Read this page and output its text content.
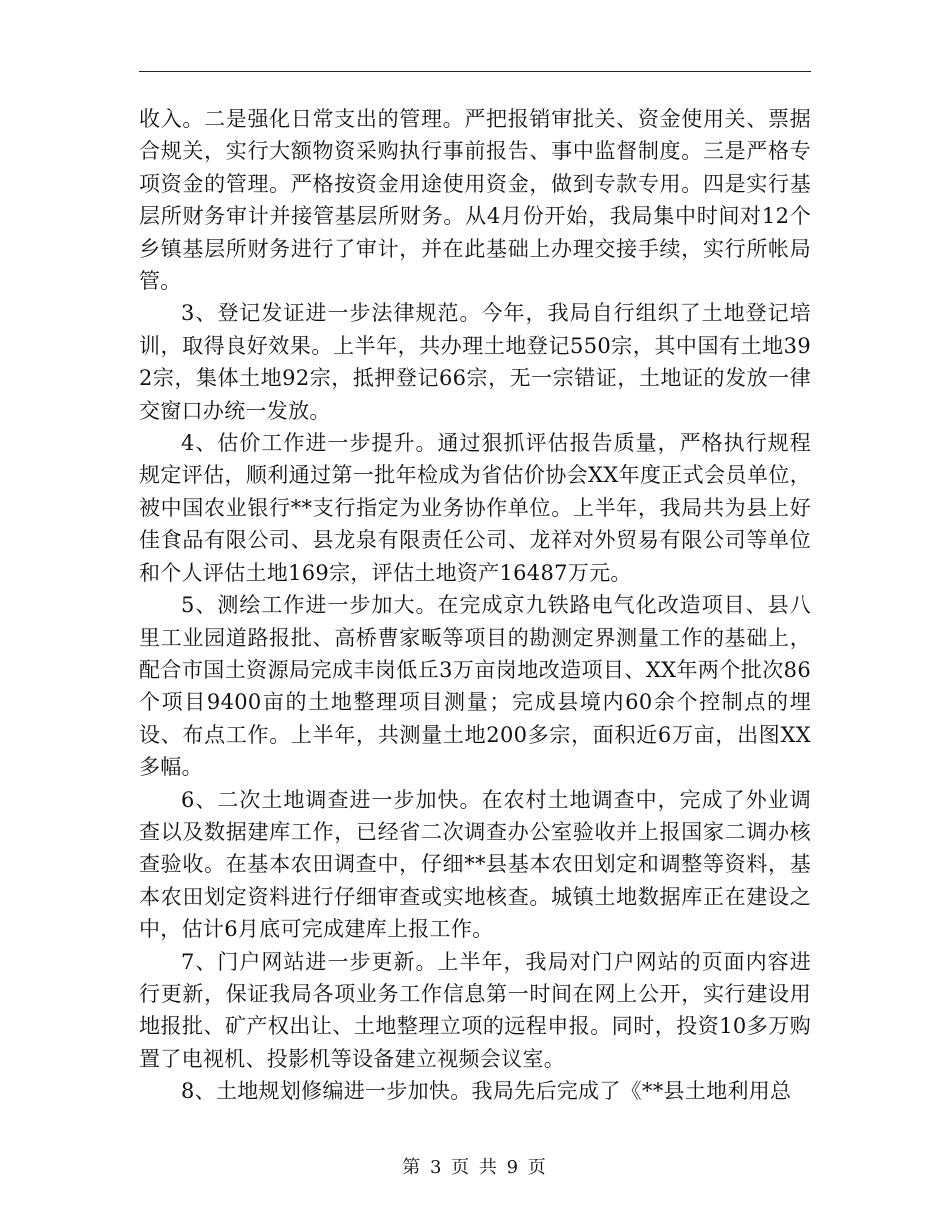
收入。二是强化日常支出的管理。严把报销审批关、资金使用关、票据合规关，实行大额物资采购执行事前报告、事中监督制度。三是严格专项资金的管理。严格按资金用途使用资金，做到专款专用。四是实行基层所财务审计并接管基层所财务。从4月份开始，我局集中时间对12个乡镇基层所财务进行了审计，并在此基础上办理交接手续，实行所帐局管。

3、登记发证进一步法律规范。今年，我局自行组织了土地登记培训，取得良好效果。上半年，共办理土地登记550宗，其中国有土地392宗，集体土地92宗，抵押登记66宗，无一宗错证，土地证的发放一律交窗口办统一发放。

4、估价工作进一步提升。通过狠抓评估报告质量，严格执行规程规定评估，顺利通过第一批年检成为省估价协会XX年度正式会员单位，被中国农业银行**支行指定为业务协作单位。上半年，我局共为县上好佳食品有限公司、县龙泉有限责任公司、龙祥对外贸易有限公司等单位和个人评估土地169宗，评估土地资产16487万元。

5、测绘工作进一步加大。在完成京九铁路电气化改造项目、县八里工业园道路报批、高桥曹家畈等项目的勘测定界测量工作的基础上，配合市国土资源局完成丰岗低丘3万亩岗地改造项目、XX年两个批次86个项目9400亩的土地整理项目测量；完成县境内60余个控制点的埋设、布点工作。上半年，共测量土地200多宗，面积近6万亩，出图XX多幅。

6、二次土地调查进一步加快。在农村土地调查中，完成了外业调查以及数据建库工作，已经省二次调查办公室验收并上报国家二调办核查验收。在基本农田调查中，仔细**县基本农田划定和调整等资料，基本农田划定资料进行仔细审查或实地核查。城镇土地数据库正在建设之中，估计6月底可完成建库上报工作。

7、门户网站进一步更新。上半年，我局对门户网站的页面内容进行更新，保证我局各项业务工作信息第一时间在网上公开，实行建设用地报批、矿产权出让、土地整理立项的远程申报。同时，投资10多万购置了电视机、投影机等设备建立视频会议室。

8、土地规划修编进一步加快。我局先后完成了《**县土地利用总

第 3 页 共 9 页
